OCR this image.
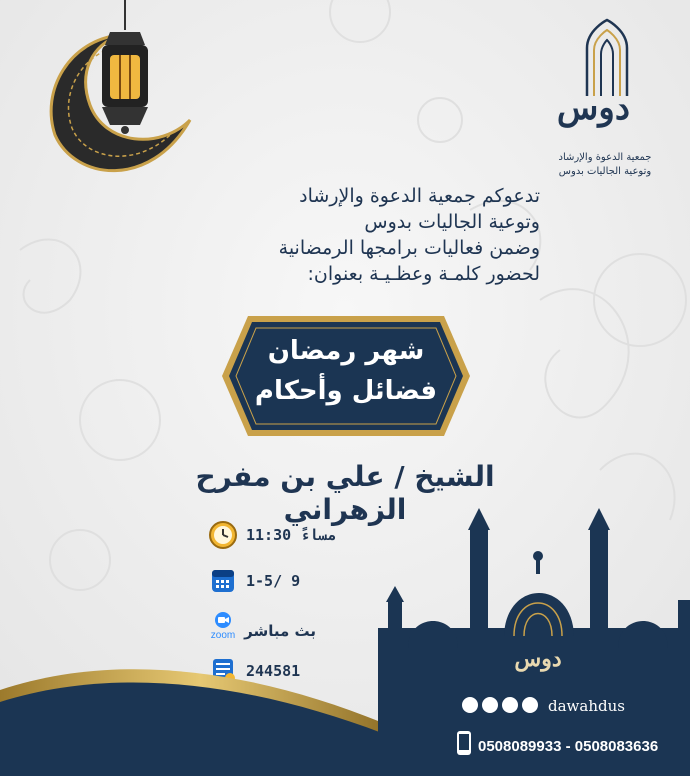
دوس
جمعية الدعوة والإرشاد
وتوعية الجاليات بدوس
تدعوكم جمعية الدعوة والإرشاد
وتوعية الجاليات بدوس
وضمن فعاليات برامجها الرمضانية
لحضور كلمـة وعظـيـة بعنوان:
شهر رمضان
فضائل وأحكام
الشيخ / علي بن مفرح الزهراني
11:30 مساءً
1-5/ 9
zoom بث مباشر
244581	دوس
dawahdus
0508089933 - 0508083636
